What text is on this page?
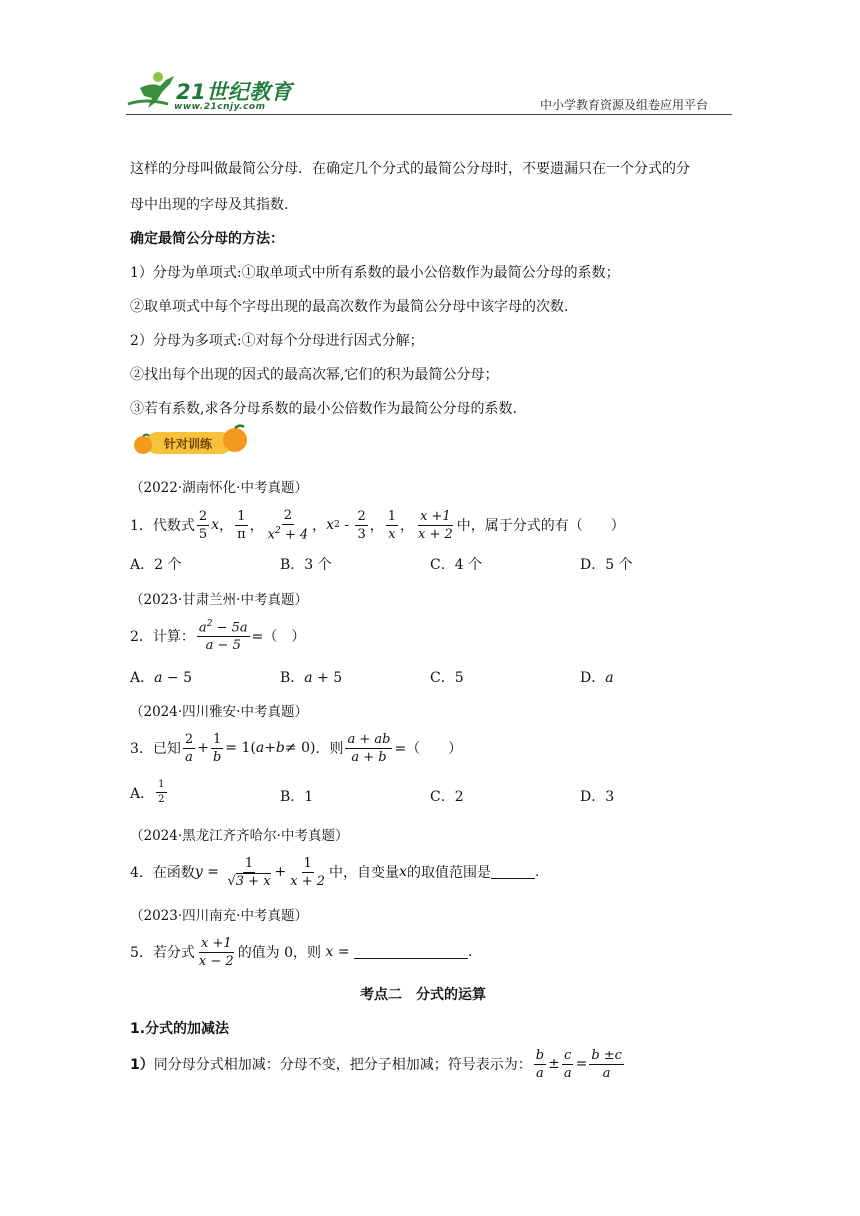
21世纪教育
www.21cnjy.com	中小学教育资源及组卷应用平台
这样的分母叫做最简公分母．在确定几个分式的最简公分母时，不要遗漏只在一个分式的分
母中出现的字母及其指数.
确定最简公分母的方法：
1）分母为单项式:①取单项式中所有系数的最小公倍数作为最简公分母的系数；
②取单项式中每个字母出现的最高次数作为最简公分母中该字母的次数.
2）分母为多项式:①对每个分母进行因式分解；
②找出每个出现的因式的最高次幂,它们的积为最简公分母；
③若有系数,求各分母系数的最小公倍数作为最简公分母的系数.
针对训练
（2022·湖南怀化·中考真题）
1．代数式 $\frac{2}{5}$ x ， $\frac{1}{\pi}$ ， $\frac{2}{x^2 + 4}$ ， x $2 - \frac{2}{3}$ ， $\frac{1}{x}$ ， $\frac{x +1}{x + 2}$ 中，属于分式的有（　　）
A．2 个	B．3 个	C．4 个	D．5 个
（2023·甘肃兰州·中考真题）
2．计算： $\frac{a^2 - 5a}{a - 5}$ =（　）
A．a − 5	B．a + 5	C．5	D．a
（2024·四川雅安·中考真题）
3．已知 $\frac{2}{a} + \frac{1}{b} = 1$( a + b ≠ 0) ．则 $\frac{a + ab}{a + b}$ =（　　）
A． $\frac{1}{2}$	B．1	C．2	D．3
（2024·黑龙江齐齐哈尔·中考真题）
4．在函数 $y = \frac{1}{√3 + x} + \frac{1}{x + 2}$ 中，自变量 x 的取值范围是	.
（2023·四川南充·中考真题）
5．若分式 $\frac{x +1}{x - 2}$ 的值为 0，则
x =	.
考点二　分式的运算
1.分式的加减法
1） 同分母分式相加减：分母不变，把分子相加减；符号表示为： $\frac{b}{a} \pm \frac{c}{a} = \frac{b \pm c}{a}$
